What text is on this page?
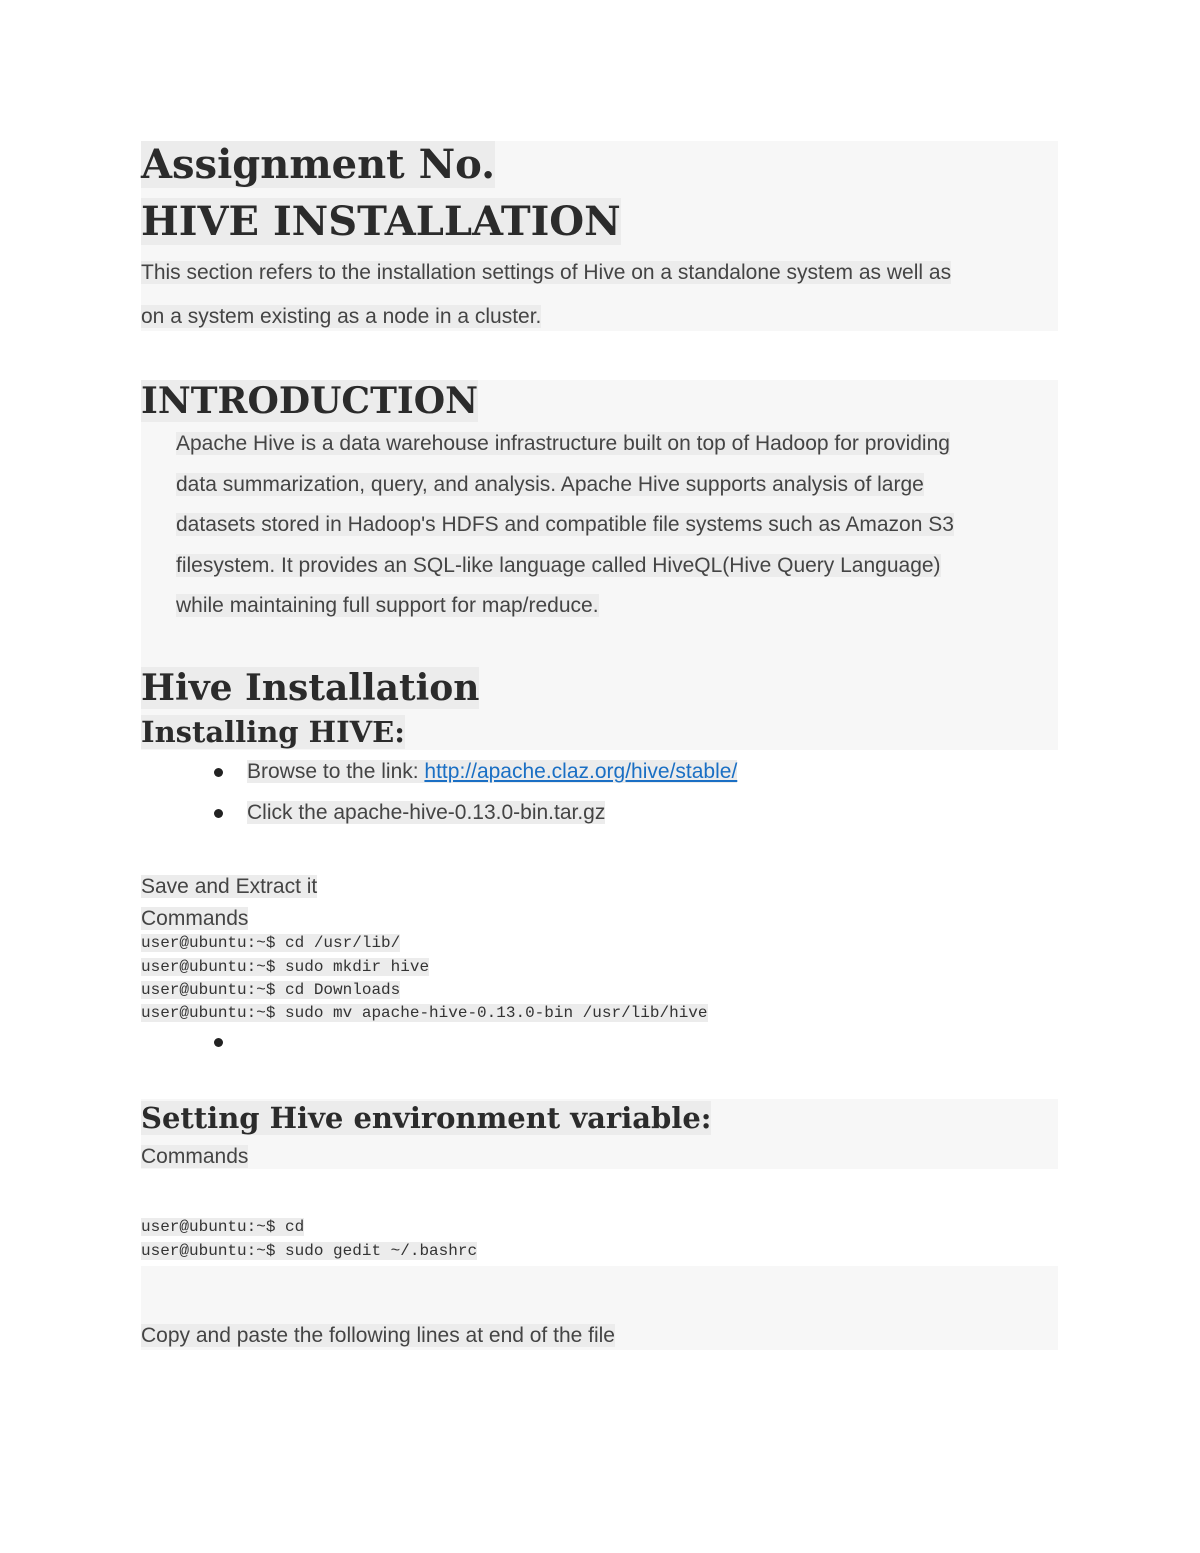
Assignment No.
HIVE INSTALLATION
This section refers to the installation settings of Hive on a standalone system as well as
on a system existing as a node in a cluster.
INTRODUCTION
Apache Hive is a data warehouse infrastructure built on top of Hadoop for providing
data summarization, query, and analysis. Apache Hive supports analysis of large
datasets stored in Hadoop's HDFS and compatible file systems such as Amazon S3
filesystem. It provides an SQL-like language called HiveQL(Hive Query Language)
while maintaining full support for map/reduce.
Hive Installation
Installing HIVE:
Browse to the link: http://apache.claz.org/hive/stable/
Click the apache-hive-0.13.0-bin.tar.gz
Save and Extract it
Commands
user@ubuntu:~$ cd /usr/lib/
user@ubuntu:~$ sudo mkdir hive
user@ubuntu:~$ cd Downloads
user@ubuntu:~$ sudo mv apache-hive-0.13.0-bin /usr/lib/hive
Setting Hive environment variable:
Commands
user@ubuntu:~$ cd
user@ubuntu:~$ sudo gedit ~/.bashrc
Copy and paste the following lines at end of the file
